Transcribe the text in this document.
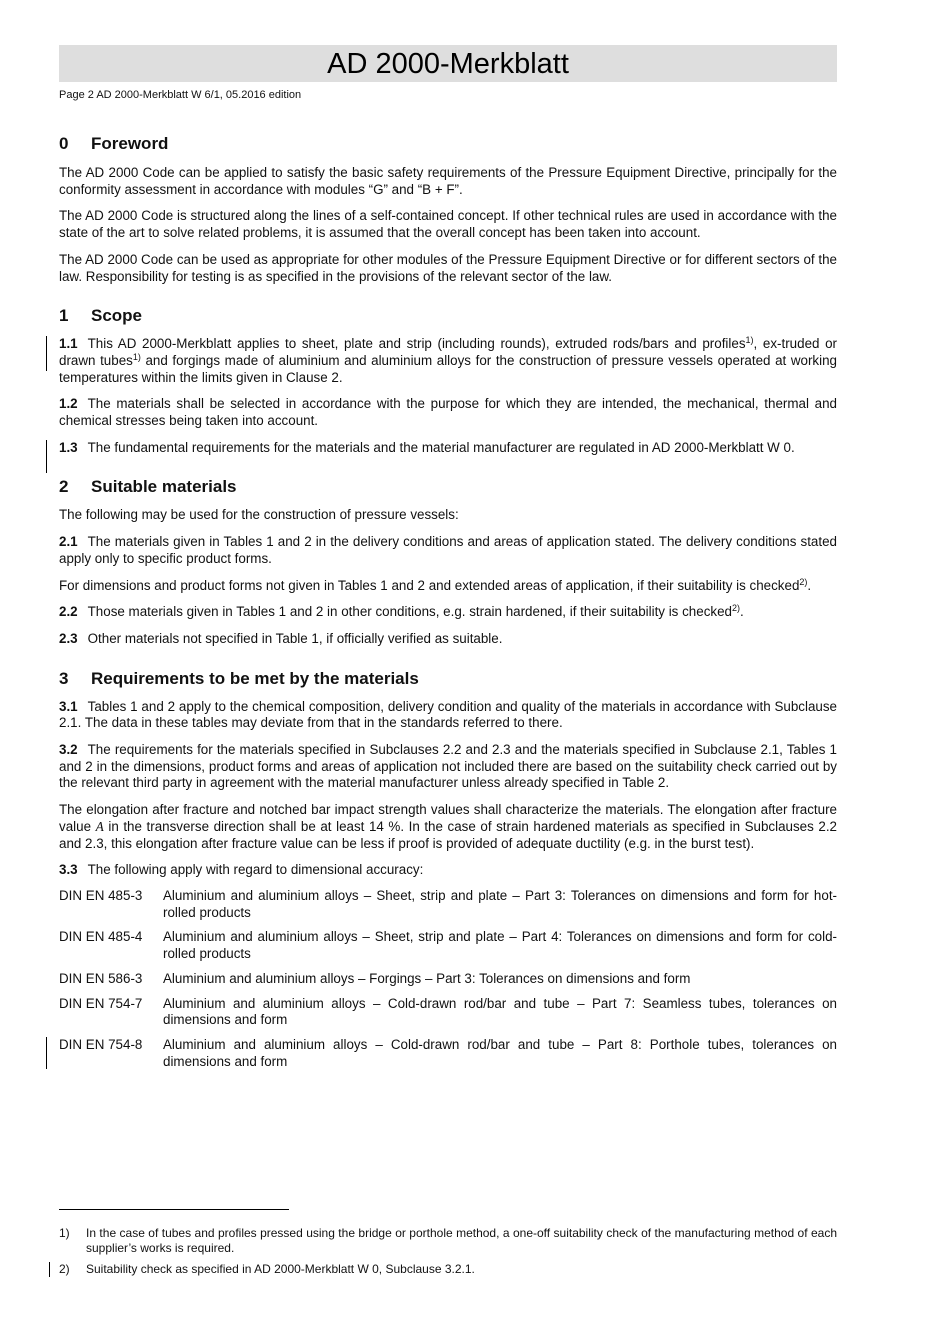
AD 2000-Merkblatt
Page 2 AD 2000-Merkblatt W 6/1, 05.2016 edition
0 Foreword

The AD 2000 Code can be applied to satisfy the basic safety requirements of the Pressure Equipment Directive, principally for the conformity assessment in accordance with modules “G” and “B + F”.

The AD 2000 Code is structured along the lines of a self-contained concept. If other technical rules are used in accordance with the state of the art to solve related problems, it is assumed that the overall concept has been taken into account.

The AD 2000 Code can be used as appropriate for other modules of the Pressure Equipment Directive or for different sectors of the law. Responsibility for testing is as specified in the provisions of the relevant sector of the law.

1 Scope

1.1 This AD 2000-Merkblatt applies to sheet, plate and strip (including rounds), extruded rods/bars and profiles$^{1)}$, ex-truded or drawn tubes$^{1)}$ and forgings made of aluminium and aluminium alloys for the construction of pressure vessels operated at working temperatures within the limits given in Clause 2.

1.2 The materials shall be selected in accordance with the purpose for which they are intended, the mechanical, thermal and chemical stresses being taken into account.

1.3 The fundamental requirements for the materials and the material manufacturer are regulated in AD 2000-Merkblatt W 0.

2 Suitable materials

The following may be used for the construction of pressure vessels:

2.1 The materials given in Tables 1 and 2 in the delivery conditions and areas of application stated. The delivery conditions stated apply only to specific product forms.

For dimensions and product forms not given in Tables 1 and 2 and extended areas of application, if their suitability is checked$^{2)}$.

2.2 Those materials given in Tables 1 and 2 in other conditions, e.g. strain hardened, if their suitability is checked$^{2)}$.

2.3 Other materials not specified in Table 1, if officially verified as suitable.

3 Requirements to be met by the materials

3.1 Tables 1 and 2 apply to the chemical composition, delivery condition and quality of the materials in accordance with Subclause 2.1. The data in these tables may deviate from that in the standards referred to there.

3.2 The requirements for the materials specified in Subclauses 2.2 and 2.3 and the materials specified in Subclause 2.1, Tables 1 and 2 in the dimensions, product forms and areas of application not included there are based on the suitability check carried out by the relevant third party in agreement with the material manufacturer unless already specified in Table 2.

The elongation after fracture and notched bar impact strength values shall characterize the materials. The elongation after fracture value A in the transverse direction shall be at least 14 %. In the case of strain hardened materials as specified in Subclauses 2.2 and 2.3, this elongation after fracture value can be less if proof is provided of adequate ductility (e.g. in the burst test).

3.3 The following apply with regard to dimensional accuracy:

DIN EN 485-3	Aluminium and aluminium alloys – Sheet, strip and plate – Part 3: Tolerances on dimensions and form for hot-rolled products
DIN EN 485-4	Aluminium and aluminium alloys – Sheet, strip and plate – Part 4: Tolerances on dimensions and form for cold-rolled products
DIN EN 586-3	Aluminium and aluminium alloys – Forgings – Part 3: Tolerances on dimensions and form
DIN EN 754-7	Aluminium and aluminium alloys – Cold-drawn rod/bar and tube – Part 7: Seamless tubes, tolerances on dimensions and form
DIN EN 754-8	Aluminium and aluminium alloys – Cold-drawn rod/bar and tube – Part 8: Porthole tubes, tolerances on dimensions and form
1)	In the case of tubes and profiles pressed using the bridge or porthole method, a one-off suitability check of the manufacturing method of each supplier’s works is required.
2)	Suitability check as specified in AD 2000-Merkblatt W 0, Subclause 3.2.1.
